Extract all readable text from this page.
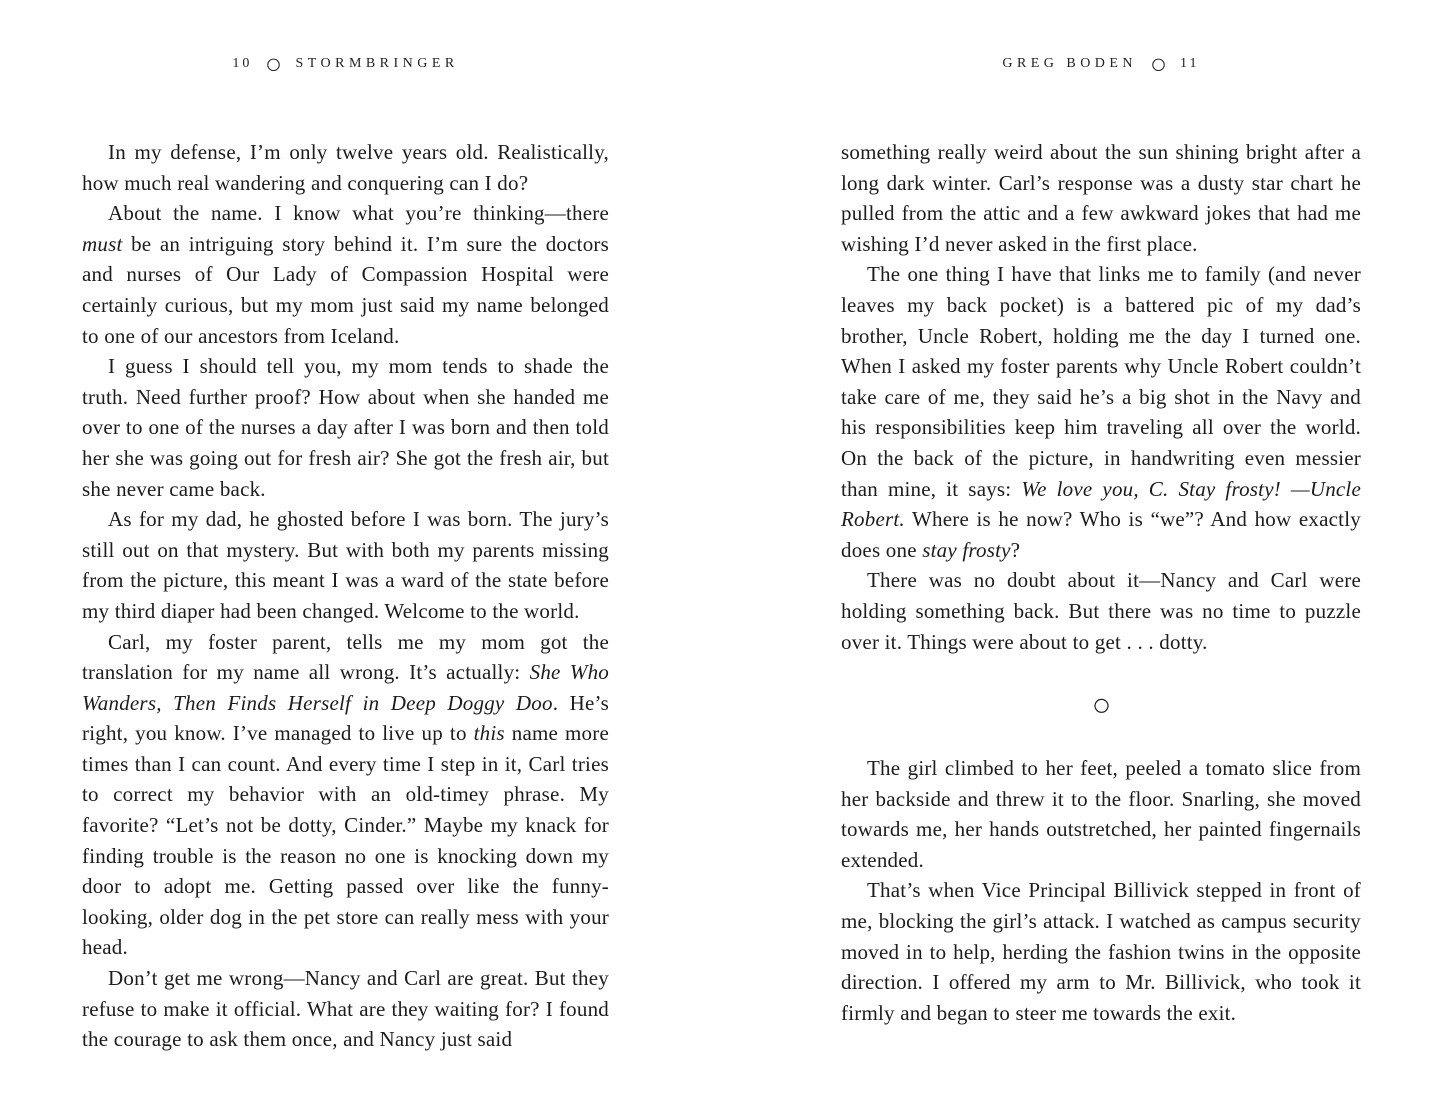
10	STORMBRINGER

In my defense, I’m only twelve years old. Realistically, how much real wandering and conquering can I do?

About the name. I know what you’re thinking—there must be an intriguing story behind it. I’m sure the doctors and nurses of Our Lady of Compassion Hospital were certainly curious, but my mom just said my name belonged to one of our ancestors from Iceland.

I guess I should tell you, my mom tends to shade the truth. Need further proof? How about when she handed me over to one of the nurses a day after I was born and then told her she was going out for fresh air? She got the fresh air, but she never came back.

As for my dad, he ghosted before I was born. The jury’s still out on that mystery. But with both my parents missing from the picture, this meant I was a ward of the state before my third diaper had been changed. Welcome to the world.

Carl, my foster parent, tells me my mom got the translation for my name all wrong. It’s actually: She Who Wanders, Then Finds Herself in Deep Doggy Doo. He’s right, you know. I’ve managed to live up to this name more times than I can count. And every time I step in it, Carl tries to correct my behavior with an old-timey phrase. My favorite? “Let’s not be dotty, Cinder.” Maybe my knack for finding trouble is the reason no one is knocking down my door to adopt me. Getting passed over like the funny-looking, older dog in the pet store can really mess with your head.

Don’t get me wrong—Nancy and Carl are great. But they refuse to make it official. What are they waiting for? I found the courage to ask them once, and Nancy just said

GREG BODEN	11

something really weird about the sun shining bright after a long dark winter. Carl’s response was a dusty star chart he pulled from the attic and a few awkward jokes that had me wishing I’d never asked in the first place.

The one thing I have that links me to family (and never leaves my back pocket) is a battered pic of my dad’s brother, Uncle Robert, holding me the day I turned one. When I asked my foster parents why Uncle Robert couldn’t take care of me, they said he’s a big shot in the Navy and his responsibilities keep him traveling all over the world. On the back of the picture, in handwriting even messier than mine, it says: We love you, C. Stay frosty! —Uncle Robert. Where is he now? Who is “we”? And how exactly does one stay frosty?

There was no doubt about it—Nancy and Carl were holding something back. But there was no time to puzzle over it. Things were about to get . . . dotty.

The girl climbed to her feet, peeled a tomato slice from her backside and threw it to the floor. Snarling, she moved towards me, her hands outstretched, her painted fingernails extended.

That’s when Vice Principal Billivick stepped in front of me, blocking the girl’s attack. I watched as campus security moved in to help, herding the fashion twins in the opposite direction. I offered my arm to Mr. Billivick, who took it firmly and began to steer me towards the exit.
